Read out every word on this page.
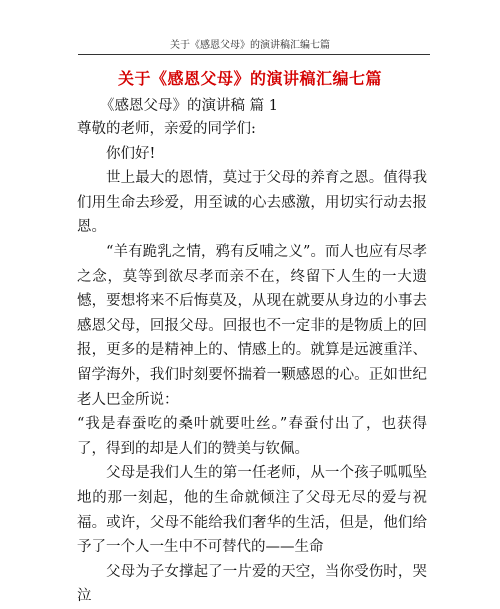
关于《感恩父母》的演讲稿汇编七篇
关于《感恩父母》的演讲稿汇编七篇
《感恩父母》的演讲稿 篇 1

尊敬的老师，亲爱的同学们:

你们好!

世上最大的恩情，莫过于父母的养育之恩。值得我们用生命去珍爱，用至诚的心去感激，用切实行动去报恩。

“羊有跪乳之情，鸦有反哺之义”。而人也应有尽孝之念，莫等到欲尽孝而亲不在，终留下人生的一大遗憾，要想将来不后悔莫及，从现在就要从身边的小事去感恩父母，回报父母。回报也不一定非的是物质上的回报，更多的是精神上的、情感上的。就算是远渡重洋、留学海外，我们时刻要怀揣着一颗感恩的心。正如世纪老人巴金所说：

“我是春蚕吃的桑叶就要吐丝。”春蚕付出了，也获得了，得到的却是人们的赞美与钦佩。

父母是我们人生的第一任老师，从一个孩子呱呱坠地的那一刻起，他的生命就倾注了父母无尽的爱与祝福。或许，父母不能给我们奢华的生活，但是，他们给予了一个人一生中不可替代的——生命

父母为子女撑起了一片爱的天空，当你受伤时，哭泣
